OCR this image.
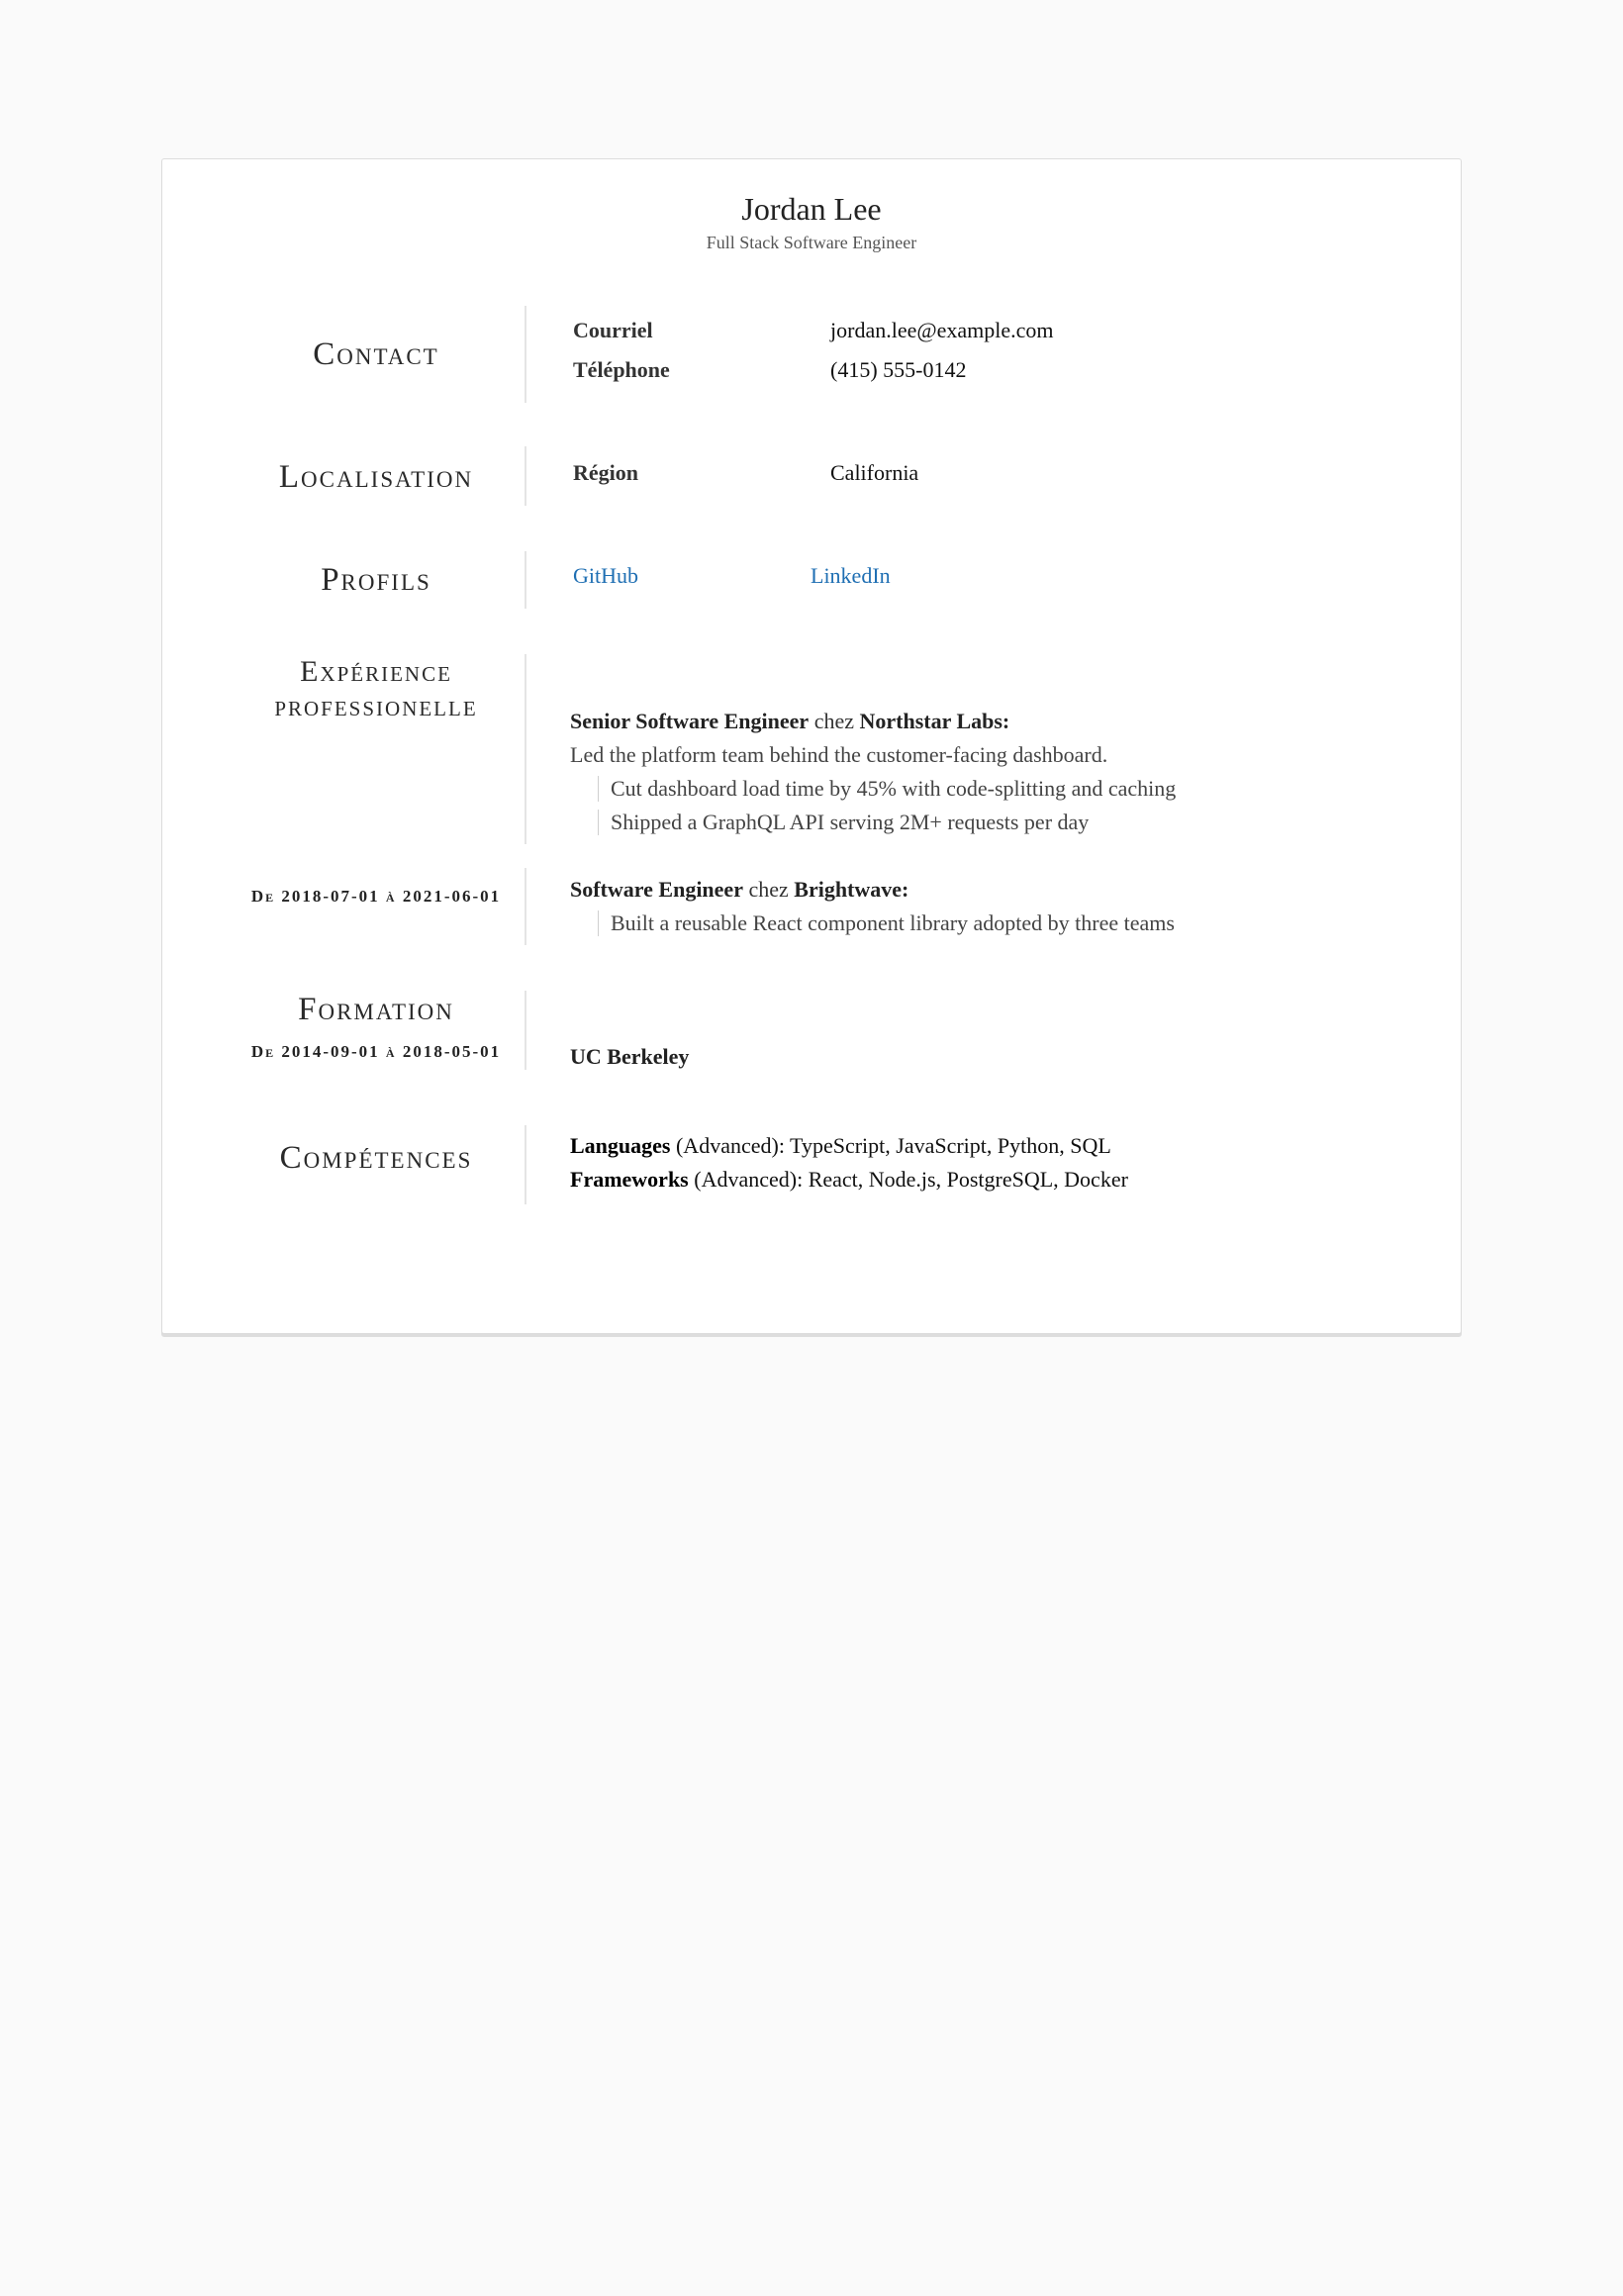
Jordan Lee
Full Stack Software Engineer
Contact
Courriel	jordan.lee@example.com
Téléphone	(415) 555-0142
Localisation	Région	California
Profils	GitHub	LinkedIn
Expérience
professionelle	Senior Software Engineer chez Northstar Labs:
Led the platform team behind the customer-facing dashboard.
Cut dashboard load time by 45% with code-splitting and caching
Shipped a GraphQL API serving 2M+ requests per day
De 2018-07-01 à 2021-06-01	Software Engineer chez Brightwave:
Built a reusable React component library adopted by three teams
Formation
De 2014-09-01 à 2018-05-01	UC Berkeley
Compétences	Languages (Advanced): TypeScript, JavaScript, Python, SQL
Frameworks (Advanced): React, Node.js, PostgreSQL, Docker
